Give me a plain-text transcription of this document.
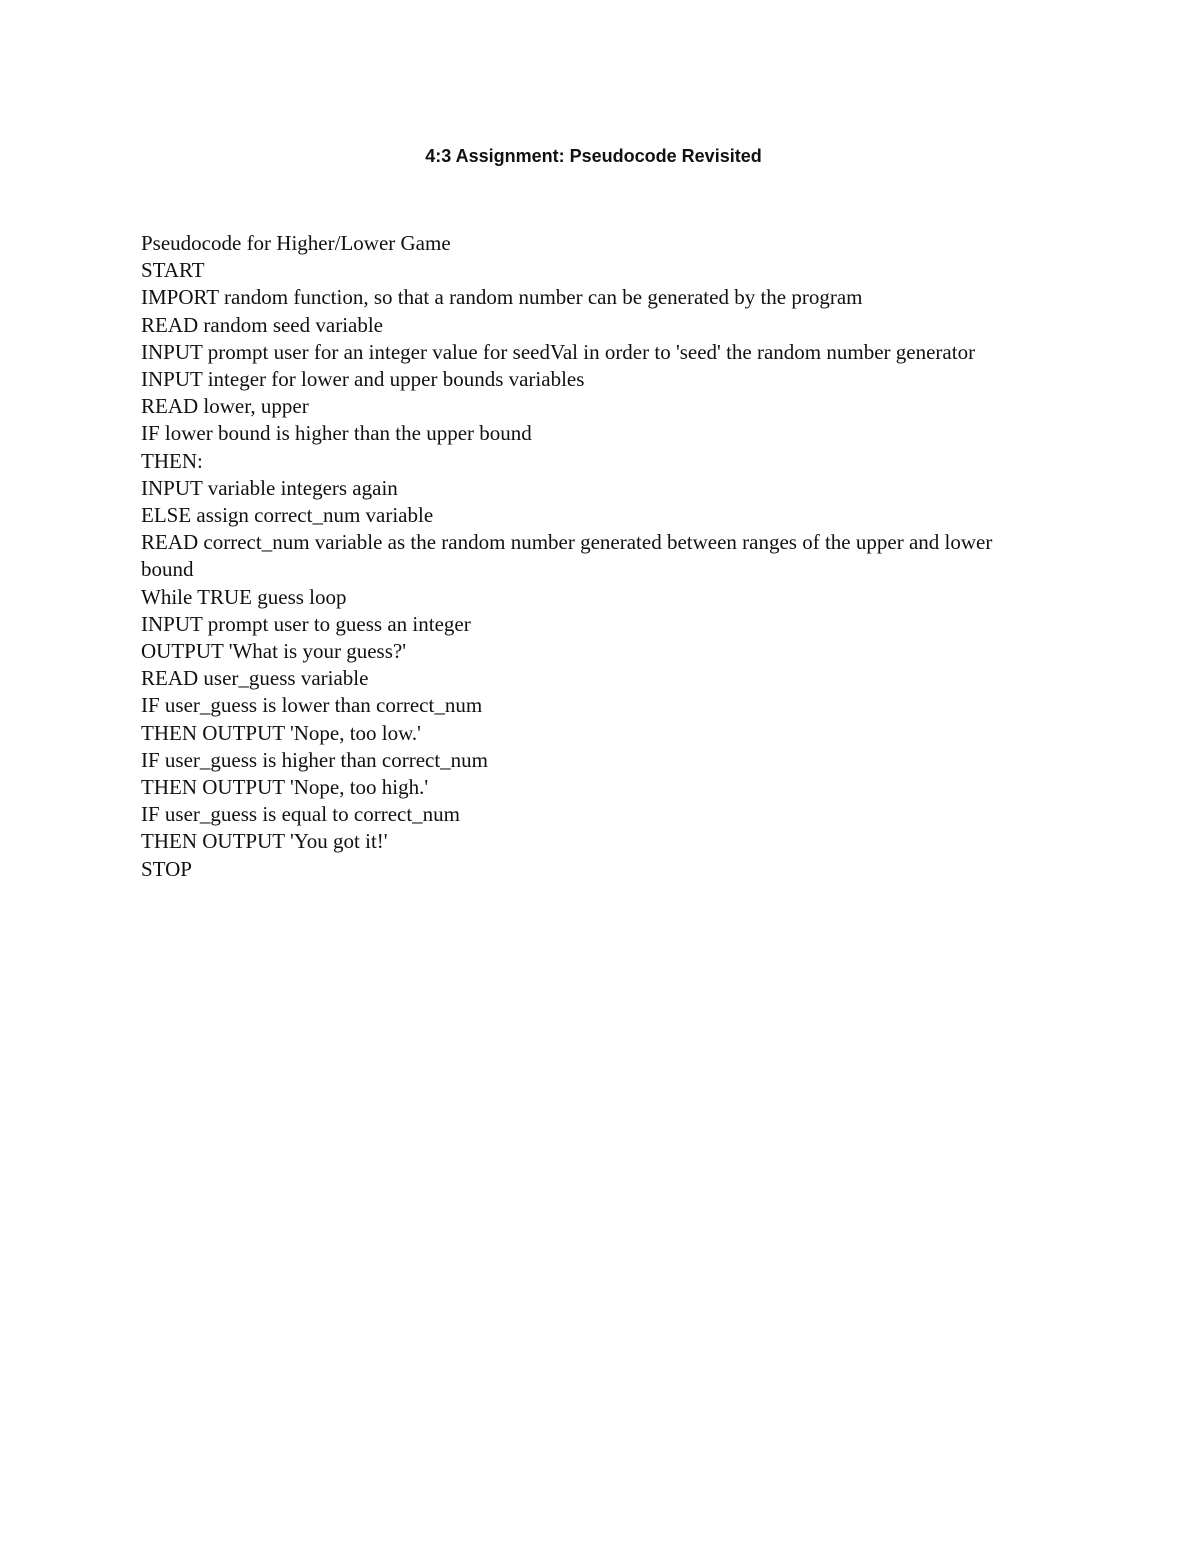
4:3 Assignment: Pseudocode Revisited
Pseudocode for Higher/Lower Game
START
IMPORT random function, so that a random number can be generated by the program
READ random seed variable
INPUT prompt user for an integer value for seedVal in order to 'seed' the random number generator
INPUT integer for lower and upper bounds variables
READ lower, upper
IF lower bound is higher than the upper bound
THEN:
INPUT variable integers again
ELSE assign correct_num variable
READ correct_num variable as the random number generated between ranges of the upper and lower bound
While TRUE guess loop
INPUT prompt user to guess an integer
OUTPUT 'What is your guess?'
READ user_guess variable
IF user_guess is lower than correct_num
THEN OUTPUT 'Nope, too low.'
IF user_guess is higher than correct_num
THEN OUTPUT 'Nope, too high.'
IF user_guess is equal to correct_num
THEN OUTPUT 'You got it!'
STOP
